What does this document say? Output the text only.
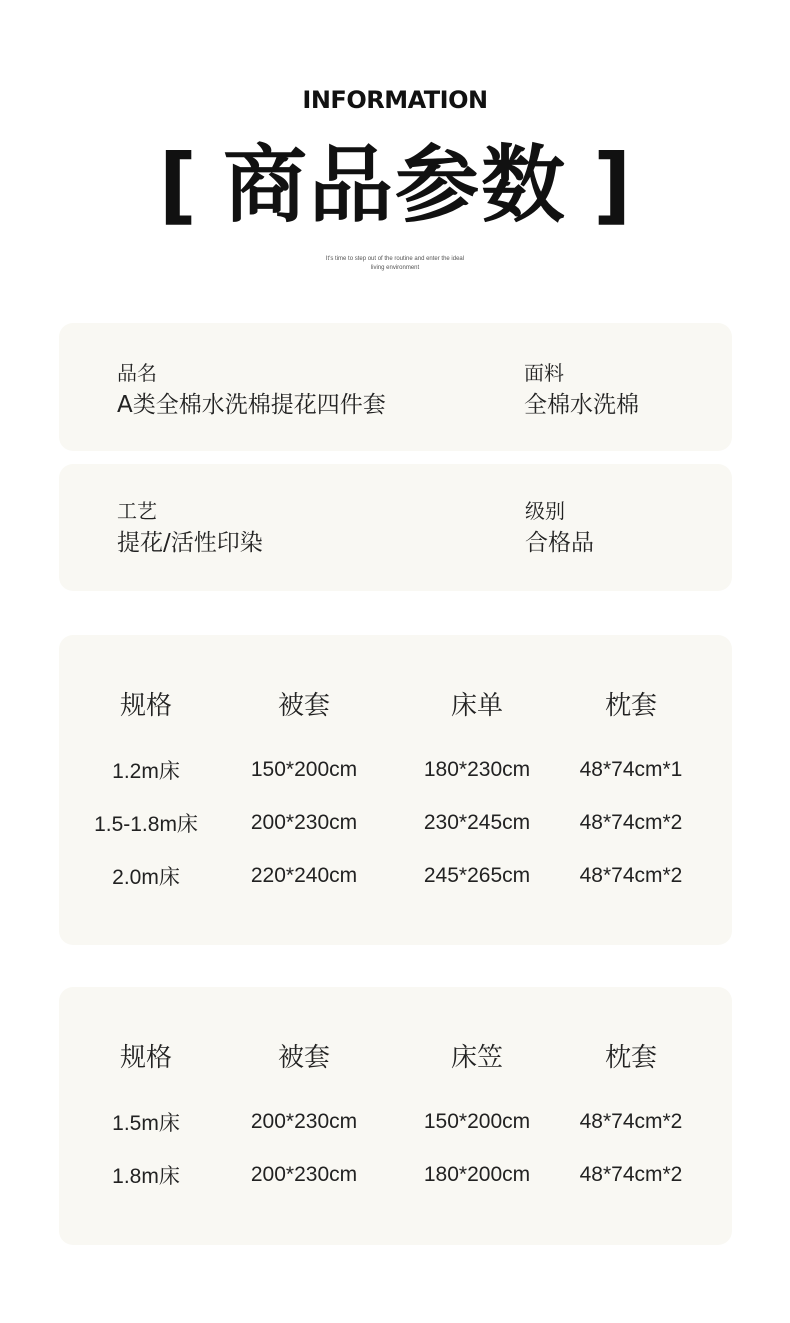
INFORMATION
[ 商品参数 ]
It's time to step out of the routine and enter the ideal
living environment
品名
A类全棉水洗棉提花四件套
面料
全棉水洗棉
工艺
提花/活性印染
级别
合格品
规格	被套	床单	枕套

1.2m床	150*200cm	180*230cm	48*74cm*1
1.5-1.8m床	200*230cm	230*245cm	48*74cm*2
2.0m床	220*240cm	245*265cm	48*74cm*2
规格	被套	床笠	枕套

1.5m床	200*230cm	150*200cm	48*74cm*2
1.8m床	200*230cm	180*200cm	48*74cm*2
